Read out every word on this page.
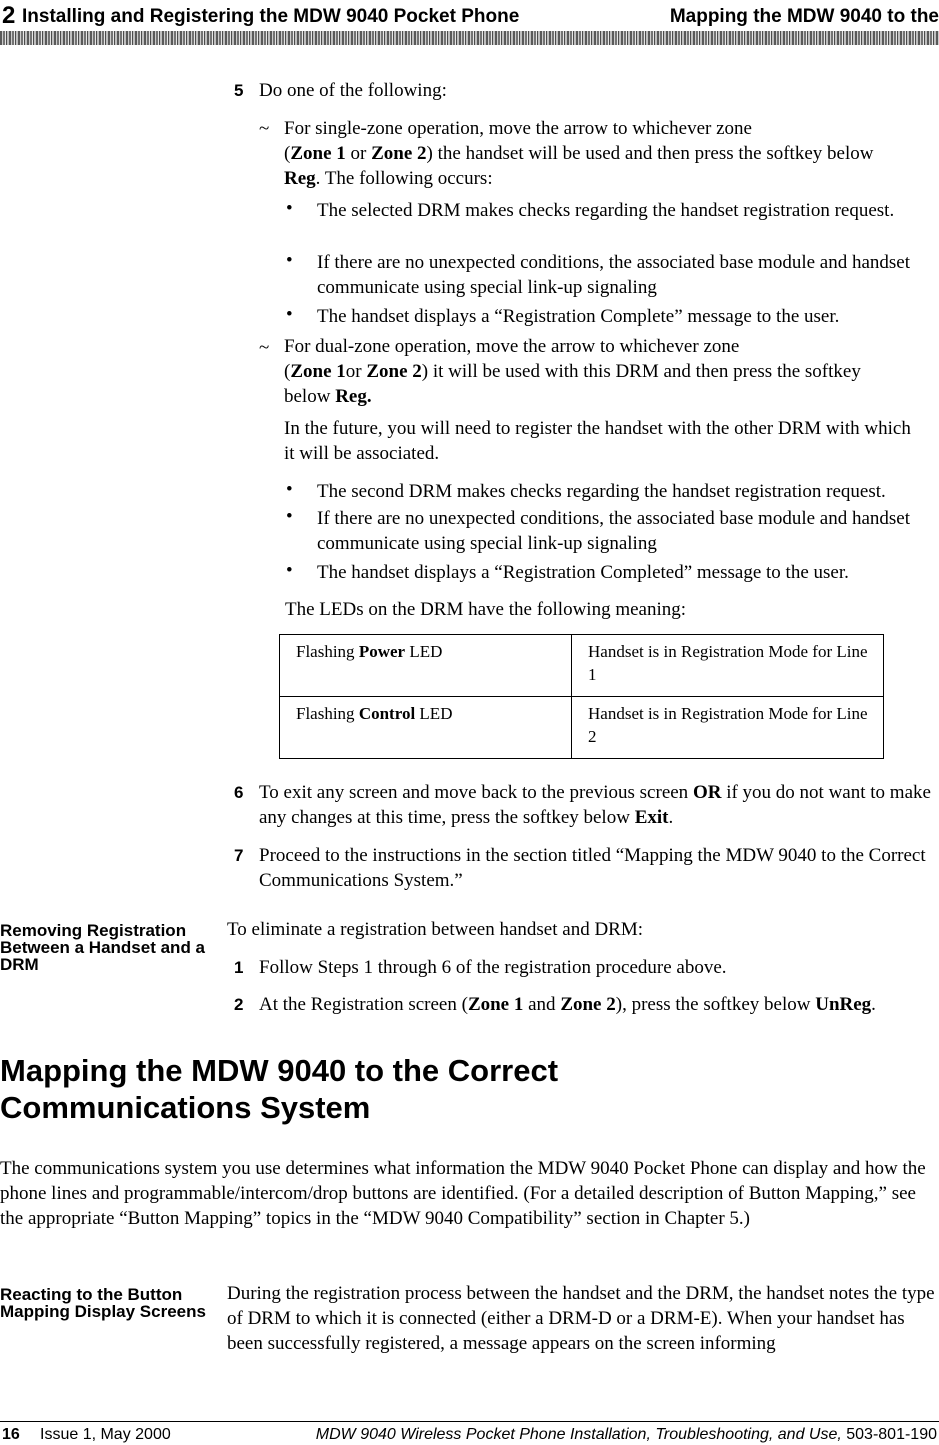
2 Installing and Registering the MDW 9040 Pocket Phone	Mapping the MDW 9040 to the
5 Do one of the following:
~ For single-zone operation, move the arrow to whichever zone
(Zone 1 or Zone 2) the handset will be used and then press the softkey below
Reg. The following occurs:
• The selected DRM makes checks regarding the handset registration request.
• If there are no unexpected conditions, the associated base module and handset communicate using special link-up signaling
• The handset displays a “Registration Complete” message to the user.
~ For dual-zone operation, move the arrow to whichever zone
(Zone 1or Zone 2) it will be used with this DRM and then press the softkey
below Reg.
In the future, you will need to register the handset with the other DRM with which it will be associated.
• The second DRM makes checks regarding the handset registration request.
• If there are no unexpected conditions, the associated base module and handset communicate using special link-up signaling
• The handset displays a “Registration Completed” message to the user.
The LEDs on the DRM have the following meaning:
Flashing Power LED	Handset is in Registration Mode for Line 1
Flashing Control LED	Handset is in Registration Mode for Line 2
6 To exit any screen and move back to the previous screen OR if you do not want to make any changes at this time, press the softkey below Exit.
7 Proceed to the instructions in the section titled “Mapping the MDW 9040 to the Correct Communications System.”
Removing Registration Between a Handset and a DRM
To eliminate a registration between handset and DRM:
1 Follow Steps 1 through 6 of the registration procedure above.
2 At the Registration screen (Zone 1 and Zone 2), press the softkey below UnReg.
Mapping the MDW 9040 to the Correct Communications System
The communications system you use determines what information the MDW 9040 Pocket Phone can display and how the phone lines and programmable/intercom/drop buttons are identified. (For a detailed description of Button Mapping,” see the appropriate “Button Mapping” topics in the “MDW 9040 Compatibility” section in Chapter 5.)
Reacting to the Button Mapping Display Screens
During the registration process between the handset and the DRM, the handset notes the type of DRM to which it is connected (either a DRM-D or a DRM-E). When your handset has been successfully registered, a message appears on the screen informing
16 Issue 1, May 2000	MDW 9040 Wireless Pocket Phone Installation, Troubleshooting, and Use, 503-801-190
